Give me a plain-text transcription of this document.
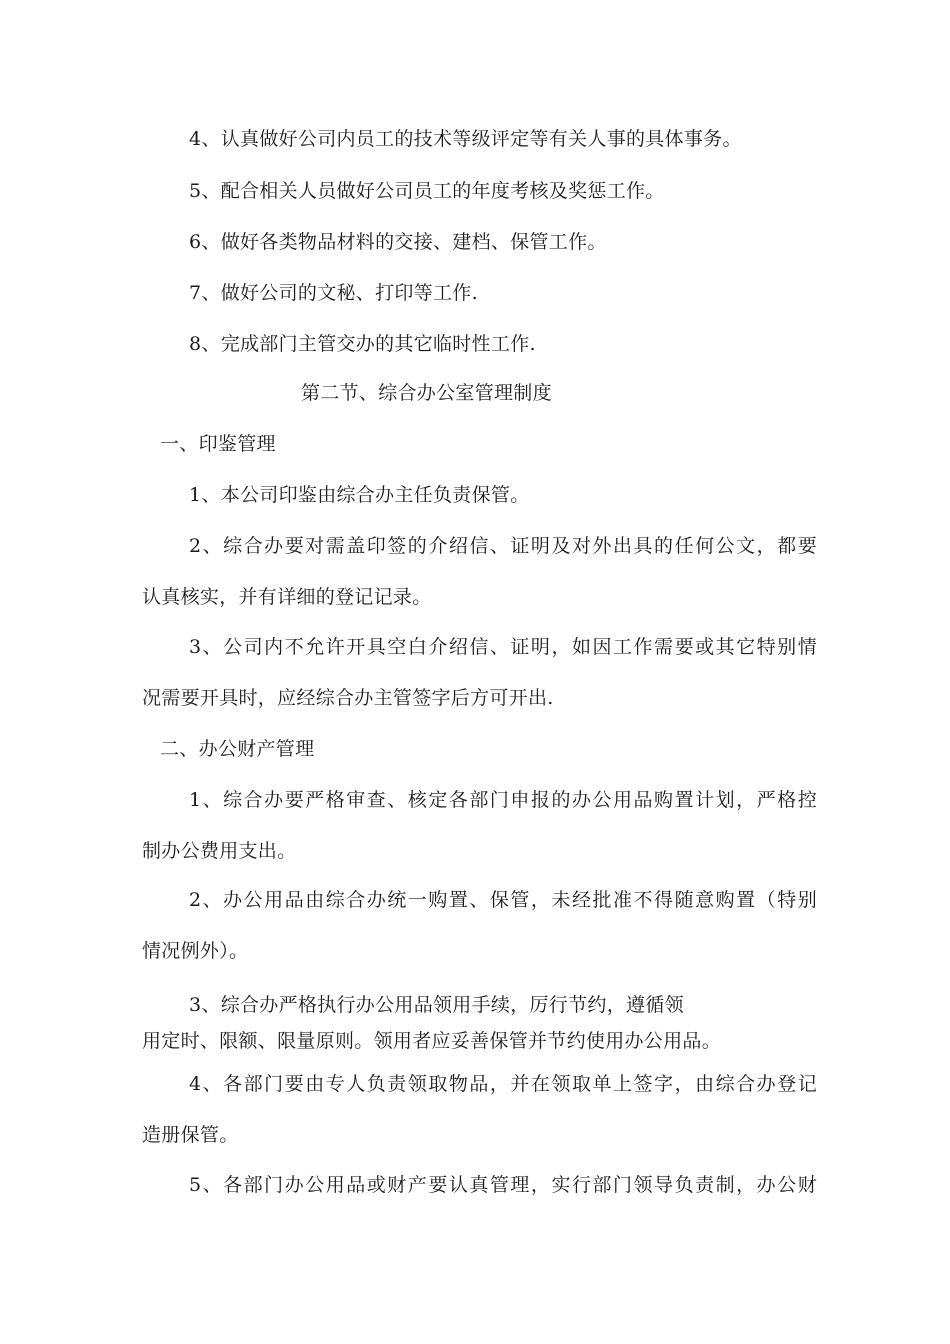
4、认真做好公司内员工的技术等级评定等有关人事的具体事务。
5、配合相关人员做好公司员工的年度考核及奖惩工作。
6、做好各类物品材料的交接、建档、保管工作。
7、做好公司的文秘、打印等工作.
8、完成部门主管交办的其它临时性工作.
第二节、综合办公室管理制度
一、印鉴管理
1、本公司印鉴由综合办主任负责保管。
2、综合办要对需盖印签的介绍信、证明及对外出具的任何公文，都要
认真核实，并有详细的登记记录。
3、公司内不允许开具空白介绍信、证明，如因工作需要或其它特别情
况需要开具时，应经综合办主管签字后方可开出.
二、办公财产管理
1、综合办要严格审查、核定各部门申报的办公用品购置计划，严格控
制办公费用支出。
2、办公用品由综合办统一购置、保管，未经批准不得随意购置（特别
情况例外）。
3、综合办严格执行办公用品领用手续，厉行节约，遵循领
用定时、限额、限量原则。领用者应妥善保管并节约使用办公用品。
4、各部门要由专人负责领取物品，并在领取单上签字，由综合办登记
造册保管。
5、各部门办公用品或财产要认真管理，实行部门领导负责制，办公财
